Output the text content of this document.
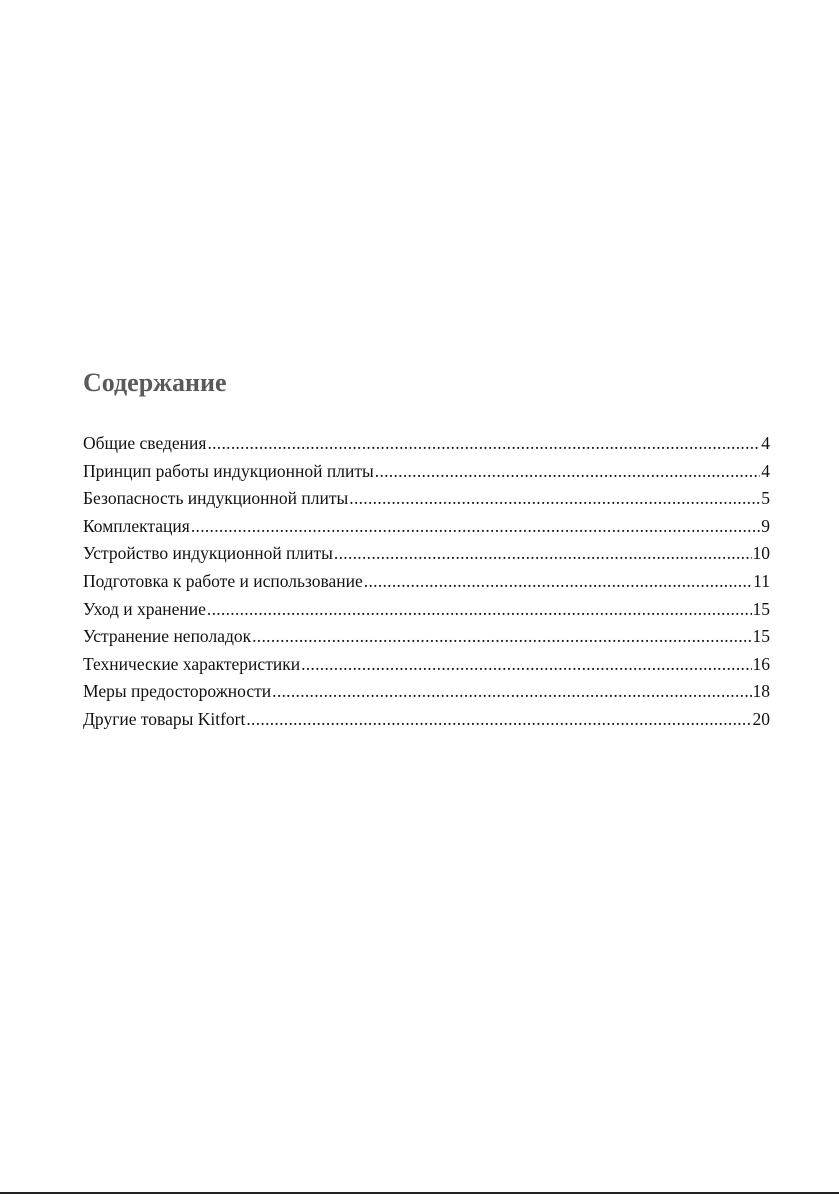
Содержание
Общие сведения .....	4
Принцип работы индукционной плиты .....	4
Безопасность индукционной плиты .....	5
Комплектация .....	9
Устройство индукционной плиты .....	10
Подготовка к работе и использование .....	11
Уход и хранение .....	15
Устранение неполадок .....	15
Технические характеристики .....	16
Меры предосторожности .....	18
Другие товары Kitfort .....	20
